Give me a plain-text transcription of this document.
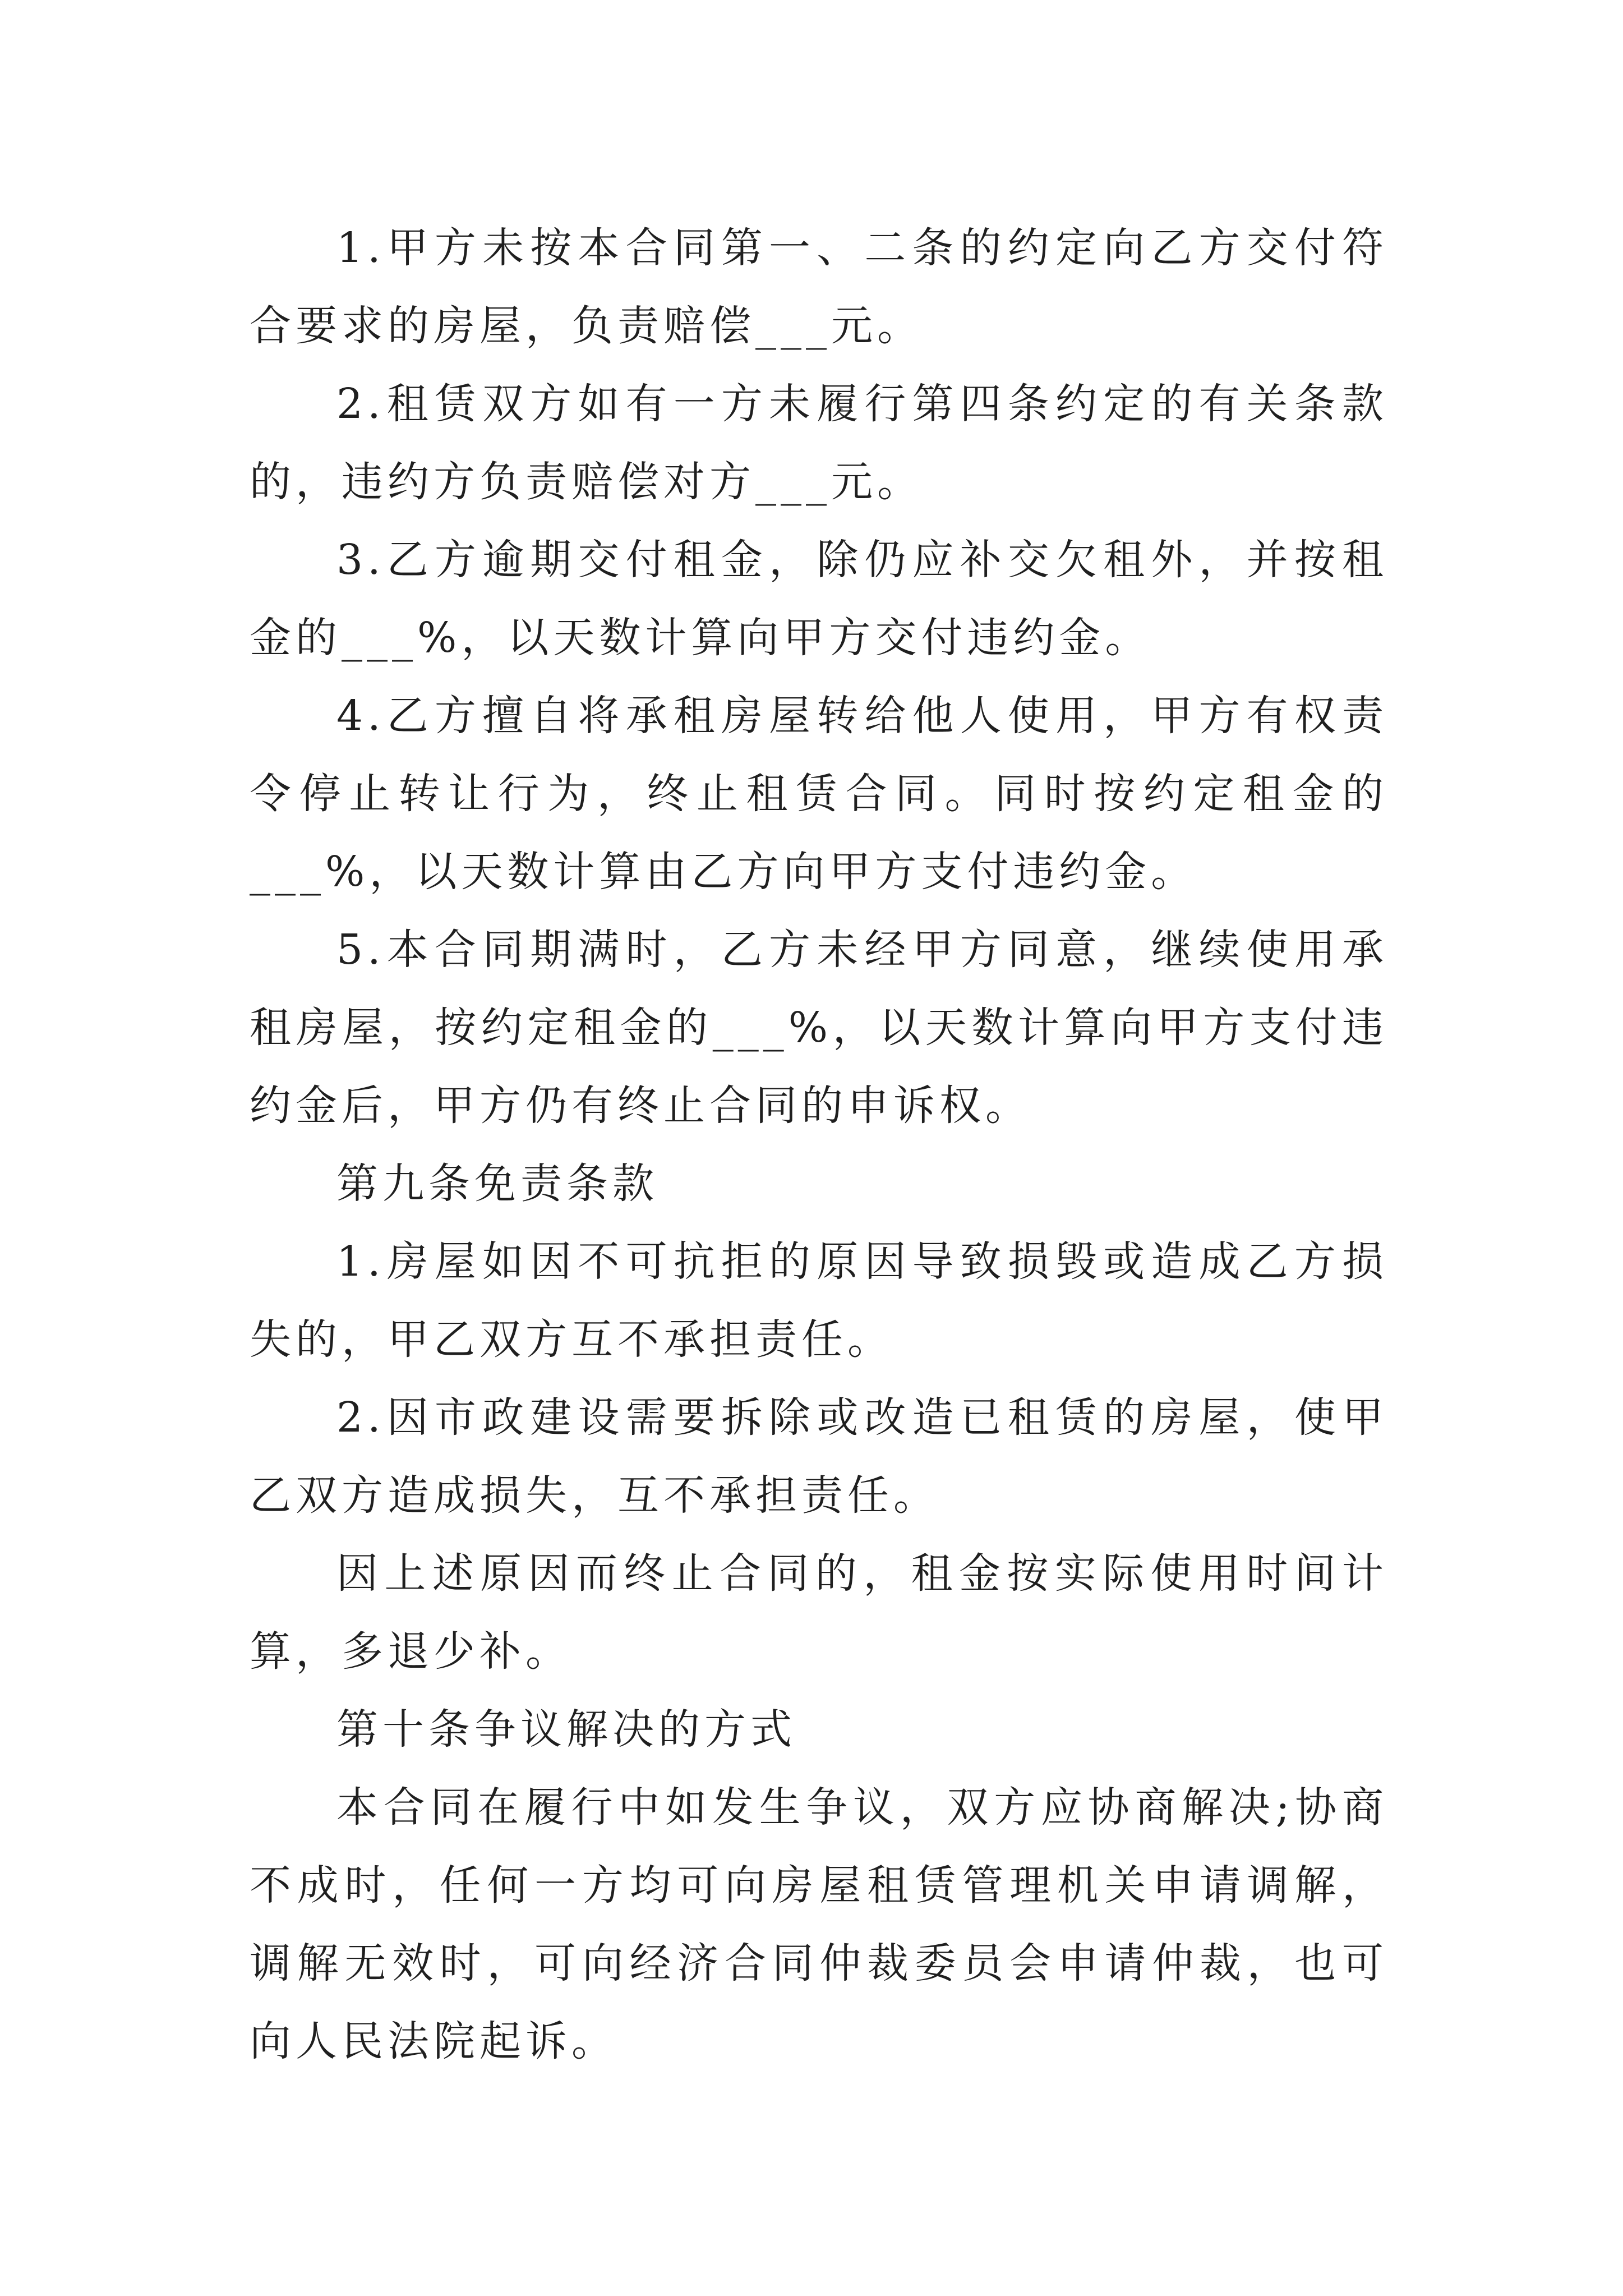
1.甲方未按本合同第一、二条的约定向乙方交付符合要求的房屋，负责赔偿___元。

2.租赁双方如有一方未履行第四条约定的有关条款的，违约方负责赔偿对方___元。

3.乙方逾期交付租金，除仍应补交欠租外，并按租金的___%，以天数计算向甲方交付违约金。

4.乙方擅自将承租房屋转给他人使用，甲方有权责令停止转让行为，终止租赁合同。同时按约定租金的___%，以天数计算由乙方向甲方支付违约金。

5.本合同期满时，乙方未经甲方同意，继续使用承租房屋，按约定租金的___%，以天数计算向甲方支付违约金后，甲方仍有终止合同的申诉权。

第九条免责条款

1.房屋如因不可抗拒的原因导致损毁或造成乙方损失的，甲乙双方互不承担责任。

2.因市政建设需要拆除或改造已租赁的房屋，使甲乙双方造成损失，互不承担责任。

因上述原因而终止合同的，租金按实际使用时间计算，多退少补。

第十条争议解决的方式

本合同在履行中如发生争议，双方应协商解决;协商不成时，任何一方均可向房屋租赁管理机关申请调解，调解无效时，可向经济合同仲裁委员会申请仲裁，也可向人民法院起诉。
